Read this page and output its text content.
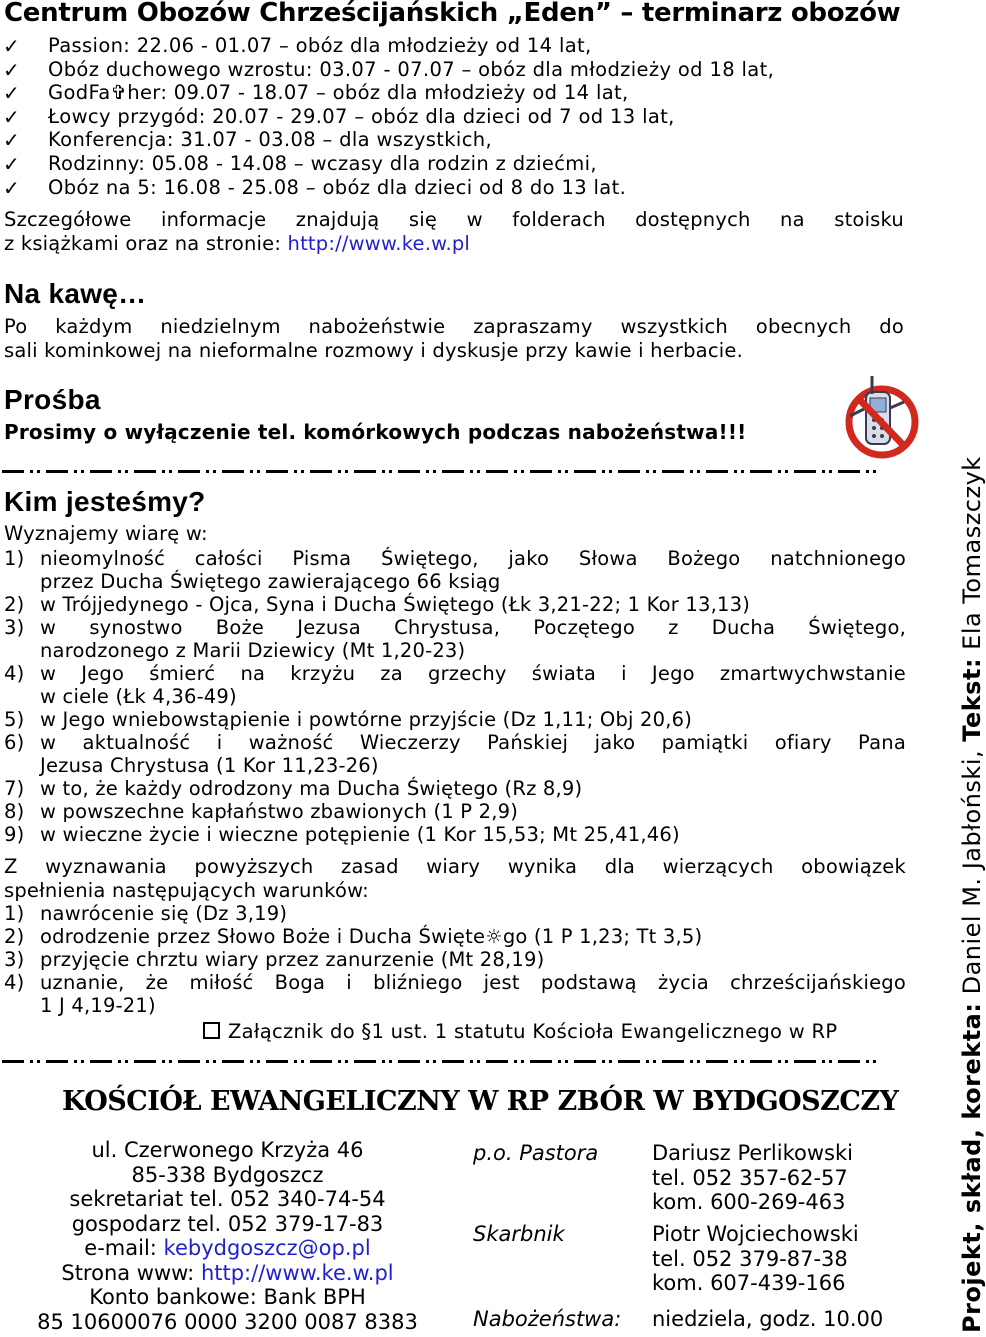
Centrum Obozów Chrześcijańskich „Eden” – terminarz obozów
✓ Passion: 22.06 - 01.07 – obóz dla młodzieży od 14 lat,
✓ Obóz duchowego wzrostu: 03.07 - 07.07 – obóz dla młodzieży od 18 lat,
✓ GodFa✞her: 09.07 - 18.07 – obóz dla młodzieży od 14 lat,
✓ Łowcy przygód: 20.07 - 29.07 – obóz dla dzieci od 7 od 13 lat,
✓ Konferencja: 31.07 - 03.08 – dla wszystkich,
✓ Rodzinny: 05.08 - 14.08 – wczasy dla rodzin z dziećmi,
✓ Obóz na 5: 16.08 - 25.08 – obóz dla dzieci od 8 do 13 lat.
Szczegółowe informacje znajdują się w folderach dostępnych na stoisku
z książkami oraz na stronie: http://www.ke.w.pl
Na kawę…
Po każdym niedzielnym nabożeństwie zapraszamy wszystkich obecnych do
sali kominkowej na nieformalne rozmowy i dyskusje przy kawie i herbacie.
Prośba
Prosimy o wyłączenie tel. komórkowych podczas nabożeństwa!!!
Kim jesteśmy?
Wyznajemy wiarę w:
1) nieomylność całości Pisma Świętego, jako Słowa Bożego natchnionego
przez Ducha Świętego zawierającego 66 ksiąg
2) w Trójjedynego - Ojca, Syna i Ducha Świętego (Łk 3,21-22; 1 Kor 13,13)
3) w synostwo Boże Jezusa Chrystusa, Poczętego z Ducha Świętego,
narodzonego z Marii Dziewicy (Mt 1,20-23)
4) w Jego śmierć na krzyżu za grzechy świata i Jego zmartwychwstanie
w ciele (Łk 4,36-49)
5) w Jego wniebowstąpienie i powtórne przyjście (Dz 1,11; Obj 20,6)
6) w aktualność i ważność Wieczerzy Pańskiej jako pamiątki ofiary Pana
Jezusa Chrystusa (1 Kor 11,23-26)
7) w to, że każdy odrodzony ma Ducha Świętego (Rz 8,9)
8) w powszechne kapłaństwo zbawionych (1 P 2,9)
9) w wieczne życie i wieczne potępienie (1 Kor 15,53; Mt 25,41,46)
Z wyznawania powyższych zasad wiary wynika dla wierzących obowiązek
spełnienia następujących warunków:
1) nawrócenie się (Dz 3,19)
2) odrodzenie przez Słowo Boże i Ducha Święte☼go (1 P 1,23; Tt 3,5)
3) przyjęcie chrztu wiary przez zanurzenie (Mt 28,19)
4) uznanie, że miłość Boga i bliźniego jest podstawą życia chrześcijańskiego
1 J 4,19-21)
Załącznik do §1 ust. 1 statutu Kościoła Ewangelicznego w RP
KOŚCIÓŁ EWANGELICZNY W RP ZBÓR W BYDGOSZCZY
ul. Czerwonego Krzyża 46
85-338 Bydgoszcz
sekretariat tel. 052 340-74-54
gospodarz tel. 052 379-17-83
e-mail: kebydgoszcz@op.pl
Strona www: http://www.ke.w.pl
Konto bankowe: Bank BPH
85 10600076 0000 3200 0087 8383
p.o. Pastora	Dariusz Perlikowski
tel. 052 357-62-57
kom. 600-269-463
Skarbnik	Piotr Wojciechowski
tel. 052 379-87-38
kom. 607-439-166
Nabożeństwa: niedziela, godz. 10.00	Projekt, skład, korekta: Daniel M. Jabłoński, Tekst: Ela Tomaszczyk
